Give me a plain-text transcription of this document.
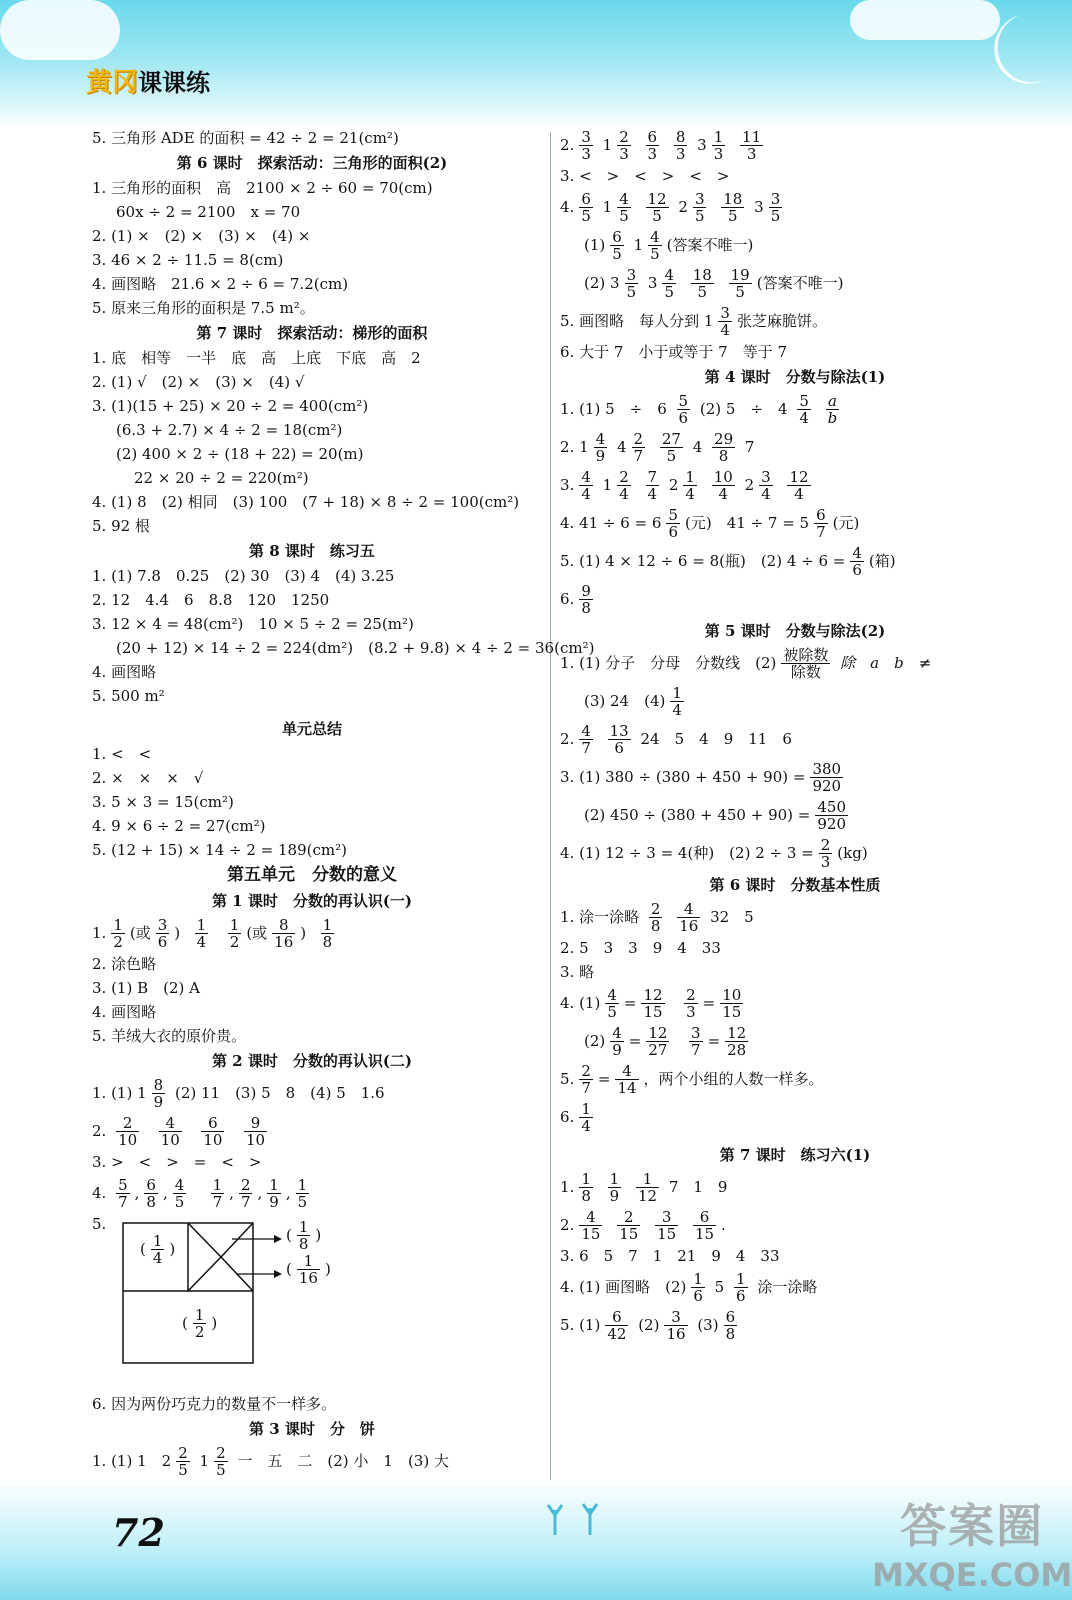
黄冈课课练
5. 三角形 ADE 的面积 = 42 ÷ 2 = 21(cm²)
第 6 课时　探索活动：三角形的面积(2)
1. 三角形的面积　高　2100 × 2 ÷ 60 = 70(cm)
60x ÷ 2 = 2100　x = 70
2. (1) ×　(2) ×　(3) ×　(4) ×
3. 46 × 2 ÷ 11.5 = 8(cm)
4. 画图略　21.6 × 2 ÷ 6 = 7.2(cm)
5. 原来三角形的面积是 7.5 m²。
第 7 课时　探索活动：梯形的面积
1. 底　相等　一半　底　高　上底　下底　高　2
2. (1) √　(2) ×　(3) ×　(4) √
3. (1)(15 + 25) × 20 ÷ 2 = 400(cm²)
(6.3 + 2.7) × 4 ÷ 2 = 18(cm²)
(2) 400 × 2 ÷ (18 + 22) = 20(m)
22 × 20 ÷ 2 = 220(m²)
4. (1) 8　(2) 相同　(3) 100　(7 + 18) × 8 ÷ 2 = 100(cm²)
5. 92 根
第 8 课时　练习五
1. (1) 7.8　0.25　(2) 30　(3) 4　(4) 3.25
2. 12　4.4　6　8.8　120　1250
3. 12 × 4 = 48(cm²)　10 × 5 ÷ 2 = 25(m²)
(20 + 12) × 14 ÷ 2 = 224(dm²)　(8.2 + 9.8) × 4 ÷ 2 = 36(cm²)
4. 画图略
5. 500 m²
单元总结
1. <　<
2. ×　×　×　√
3. 5 × 3 = 15(cm²)
4. 9 × 6 ÷ 2 = 27(cm²)
5. (12 + 15) × 14 ÷ 2 = 189(cm²)
第五单元　分数的意义
第 1 课时　分数的再认识(一)
1. $\frac{1}{2}$ (或 $\frac{3}{6}$ ) $\frac{1}{4}$
$\frac{1}{2}$ (或 $\frac{8}{16}$ ) $\frac{1}{8}$
2. 涂色略
3. (1) B　(2) A
4. 画图略
5. 羊绒大衣的原价贵。
第 2 课时　分数的再认识(二)
1. (1) $1 \frac{8}{9} (2)$ 11　(3) 5　8　(4) 5　1.6
2. $\frac{2}{10}$
$\frac{4}{10}$
$\frac{6}{10}$
$\frac{9}{10}$
3. >　<　>　=　<　>
4. $\frac{5}{7}$ , $\frac{6}{8}$ , $\frac{4}{5}$
$\frac{1}{7}$ , $\frac{2}{7}$ , $\frac{1}{9}$ , $\frac{1}{5}$
5.
( $\frac{1}{4}$ )
( $\frac{1}{8}$ )
( $\frac{1}{16}$ )
( $\frac{1}{2}$ )
6. 因为两份巧克力的数量不一样多。
第 3 课时　分　饼
1. (1) 1　$2 \frac{2}{5} 1 \frac{2}{5}$ 一　五　二　(2) 小　1　(3) 大
2. $\frac{3}{3} 1 \frac{2}{3}$
$\frac{6}{3}$
$\frac{8}{3} 3 \frac{1}{3}$
$\frac{11}{3}$
3. <　>　<　>　<　>
4. $\frac{6}{5} 1 \frac{4}{5}$
$\frac{12}{5} 2 \frac{3}{5}$
$\frac{18}{5} 3 \frac{3}{5}$
$(1) \frac{6}{5} 1 \frac{4}{5}$ (答案不唯一)
(2) $3 \frac{3}{5} 3 \frac{4}{5}$
$\frac{18}{5}$
$\frac{19}{5}$ (答案不唯一)
5. 画图略　每人分到 $1 \frac{3}{4}$ 张芝麻脆饼。
6. 大于 7　小于或等于 7　等于 7
第 4 课时　分数与除法(1)
1. (1) 5　÷　$6 \frac{5}{6} (2)$ 5　÷　$4 \frac{5}{4}$
$\frac{a}{b}$
2. $1 \frac{4}{9} 4 \frac{2}{7}$
$\frac{27}{5} 4 \frac{29}{8} 7$
3. $\frac{4}{4} 1 \frac{2}{4}$
$\frac{7}{4} 2 \frac{1}{4}$
$\frac{10}{4} 2 \frac{3}{4}$
$\frac{12}{4}$
4. $41 \div 6 = 6 \frac{5}{6}$ (元)　$41 \div 7 = 5 \frac{6}{7}$ (元)
5. (1) 4 × 12 ÷ 6 = 8(瓶)　(2) $4 \div 6 = \frac{4}{6}$ (箱)
6. $\frac{9}{8}$
第 5 课时　分数与除法(2)
1. (1) 分子　分母　分数线　$(2) \frac{\text{被除数}}{\text{除数}}$ 除　a　b　≠
(3) 24　$(4) \frac{1}{4}$
2. $\frac{4}{7}$
$\frac{13}{6} 24$　5　4　9　11　6
3. (1) $380 \div (380 + 450 + 90) = \frac{380}{920}$
(2) $450 \div (380 + 450 + 90) = \frac{450}{920}$
4. (1) 12 ÷ 3 = 4(种)　(2) $2 \div 3 = \frac{2}{3} (kg)$
第 6 课时　分数基本性质
1. 涂一涂略 $\frac{2}{8}$
$\frac{4}{16} 32$　5
2. 5　3　3　9　4　33
3. 略
4. $(1) \frac{4}{5} = \frac{12}{15}$
$\frac{2}{3} = \frac{10}{15}$
$(2) \frac{4}{9} = \frac{12}{27}$
$\frac{3}{7} = \frac{12}{28}$
5. $\frac{2}{7} = \frac{4}{14}$ ，两个小组的人数一样多。
6. $\frac{1}{4}$
第 7 课时　练习六(1)
1. $\frac{1}{8}$
$\frac{1}{9}$
$\frac{1}{12} 7$　1　9
2. $\frac{4}{15}$
$\frac{2}{15}$
$\frac{3}{15}$
$\frac{6}{15}$ .
3. 6　5　7　1　21　9　4　33
4. (1) 画图略　$(2) \frac{1}{6} 5 \frac{1}{6}$ 涂一涂略
5. $(1) \frac{6}{42} (2) \frac{3}{16} (3) \frac{6}{8}$
72	答案圈
MXQE.COM
